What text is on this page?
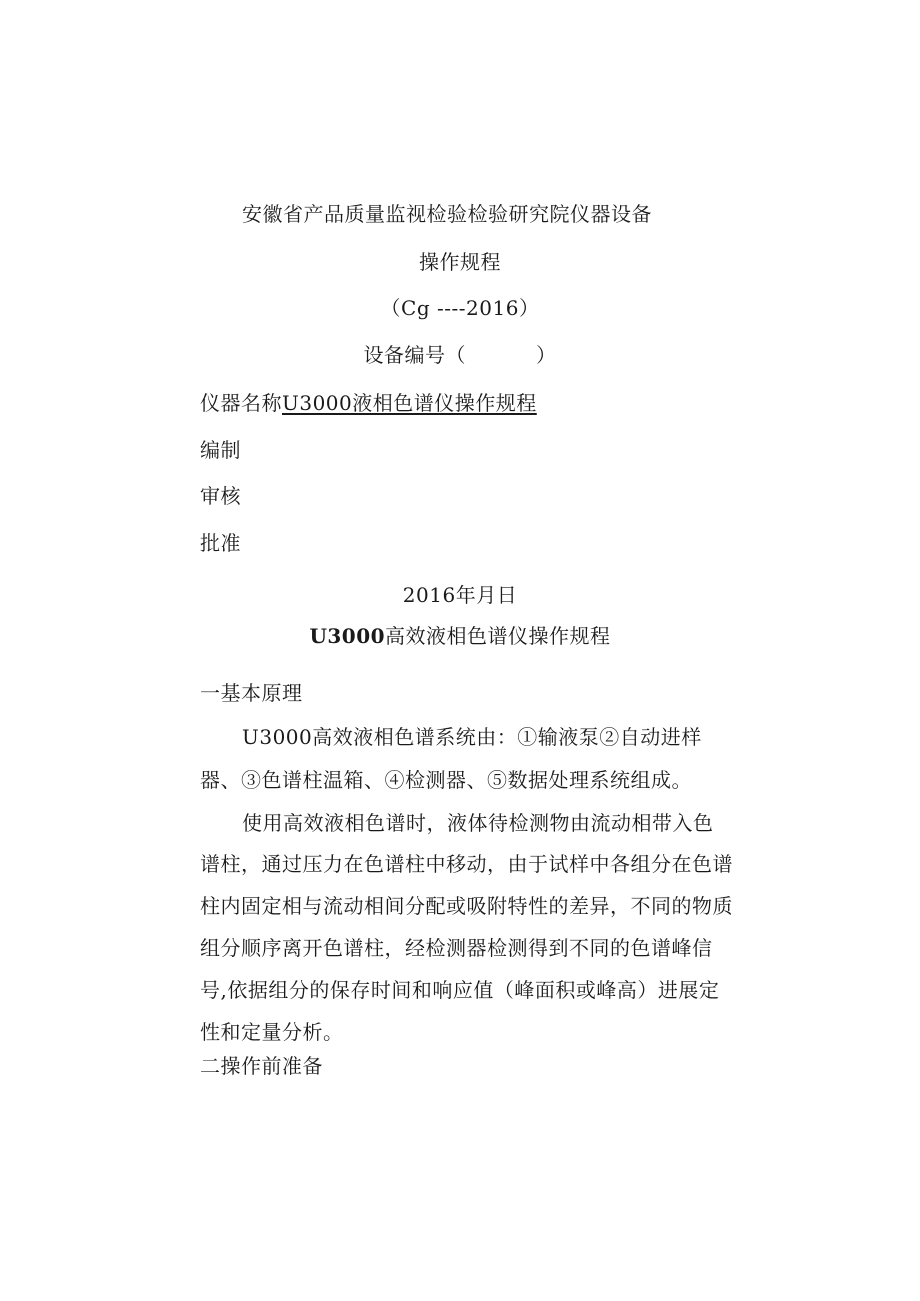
安徽省产品质量监视检验检验研究院仪器设备
操作规程
（Cg ----2016）
设备编号（	）
仪器名称U3000液相色谱仪操作规程
编制
审核
批准
2016年月日
U3000高效液相色谱仪操作规程
一基本原理
U3000高效液相色谱系统由：①输液泵②自动进样
器、③色谱柱温箱、④检测器、⑤数据处理系统组成。
使用高效液相色谱时，液体待检测物由流动相带入色
谱柱，通过压力在色谱柱中移动，由于试样中各组分在色谱
柱内固定相与流动相间分配或吸附特性的差异，不同的物质
组分顺序离开色谱柱，经检测器检测得到不同的色谱峰信
号,依据组分的保存时间和响应值（峰面积或峰高）进展定
性和定量分析。
二操作前准备
